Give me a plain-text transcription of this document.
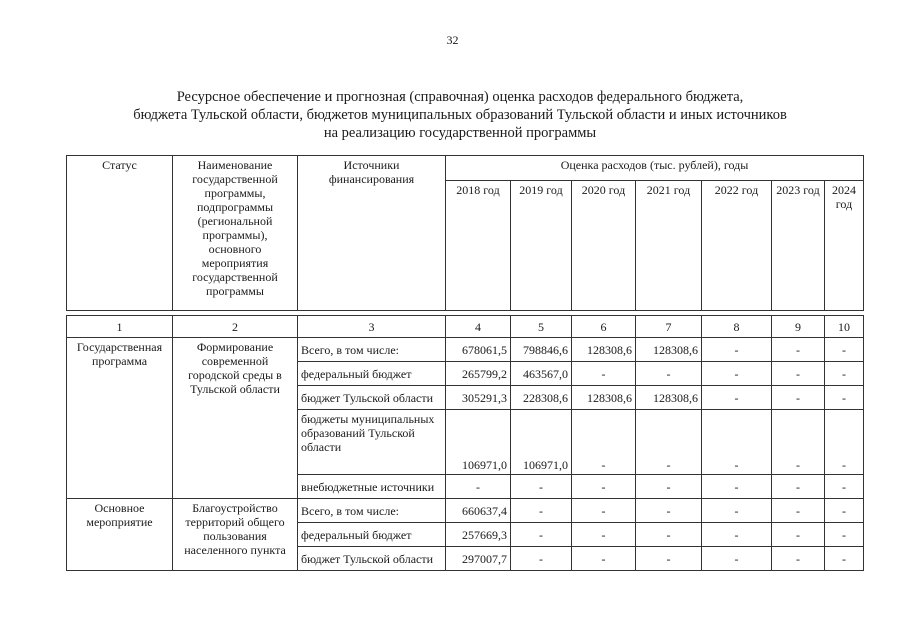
32
Ресурсное обеспечение и прогнозная (справочная) оценка расходов федерального бюджета,
бюджета Тульской области, бюджетов муниципальных образований Тульской области и иных источников
на реализацию государственной программы
Статус	Наименование государственной программы, подпрограммы (региональной программы), основного мероприятия государственной программы	Источники финансирования	Оценка расходов (тыс. рублей), годы						
			2018 год	2019 год	2020 год	2021 год	2022 год	2023 год	2024 год

1	2	3	4	5	6	7	8	9	10
Государственная программа	Формирование современной городской среды в Тульской области	Всего, в том числе:	678061,5	798846,6	128308,6	128308,6	-	-	-
		федеральный бюджет	265799,2	463567,0	-	-	-	-	-
		бюджет Тульской области	305291,3	228308,6	128308,6	128308,6	-	-	-
		бюджеты муниципальных образований Тульской области	106971,0	106971,0	-	-	-	-	-
		внебюджетные источники	-	-	-	-	-	-	-
Основное мероприятие	Благоустройство территорий общего пользования населенного пункта	Всего, в том числе:	660637,4	-	-	-	-	-	-
		федеральный бюджет	257669,3	-	-	-	-	-	-
		бюджет Тульской области	297007,7	-	-	-	-	-	-
